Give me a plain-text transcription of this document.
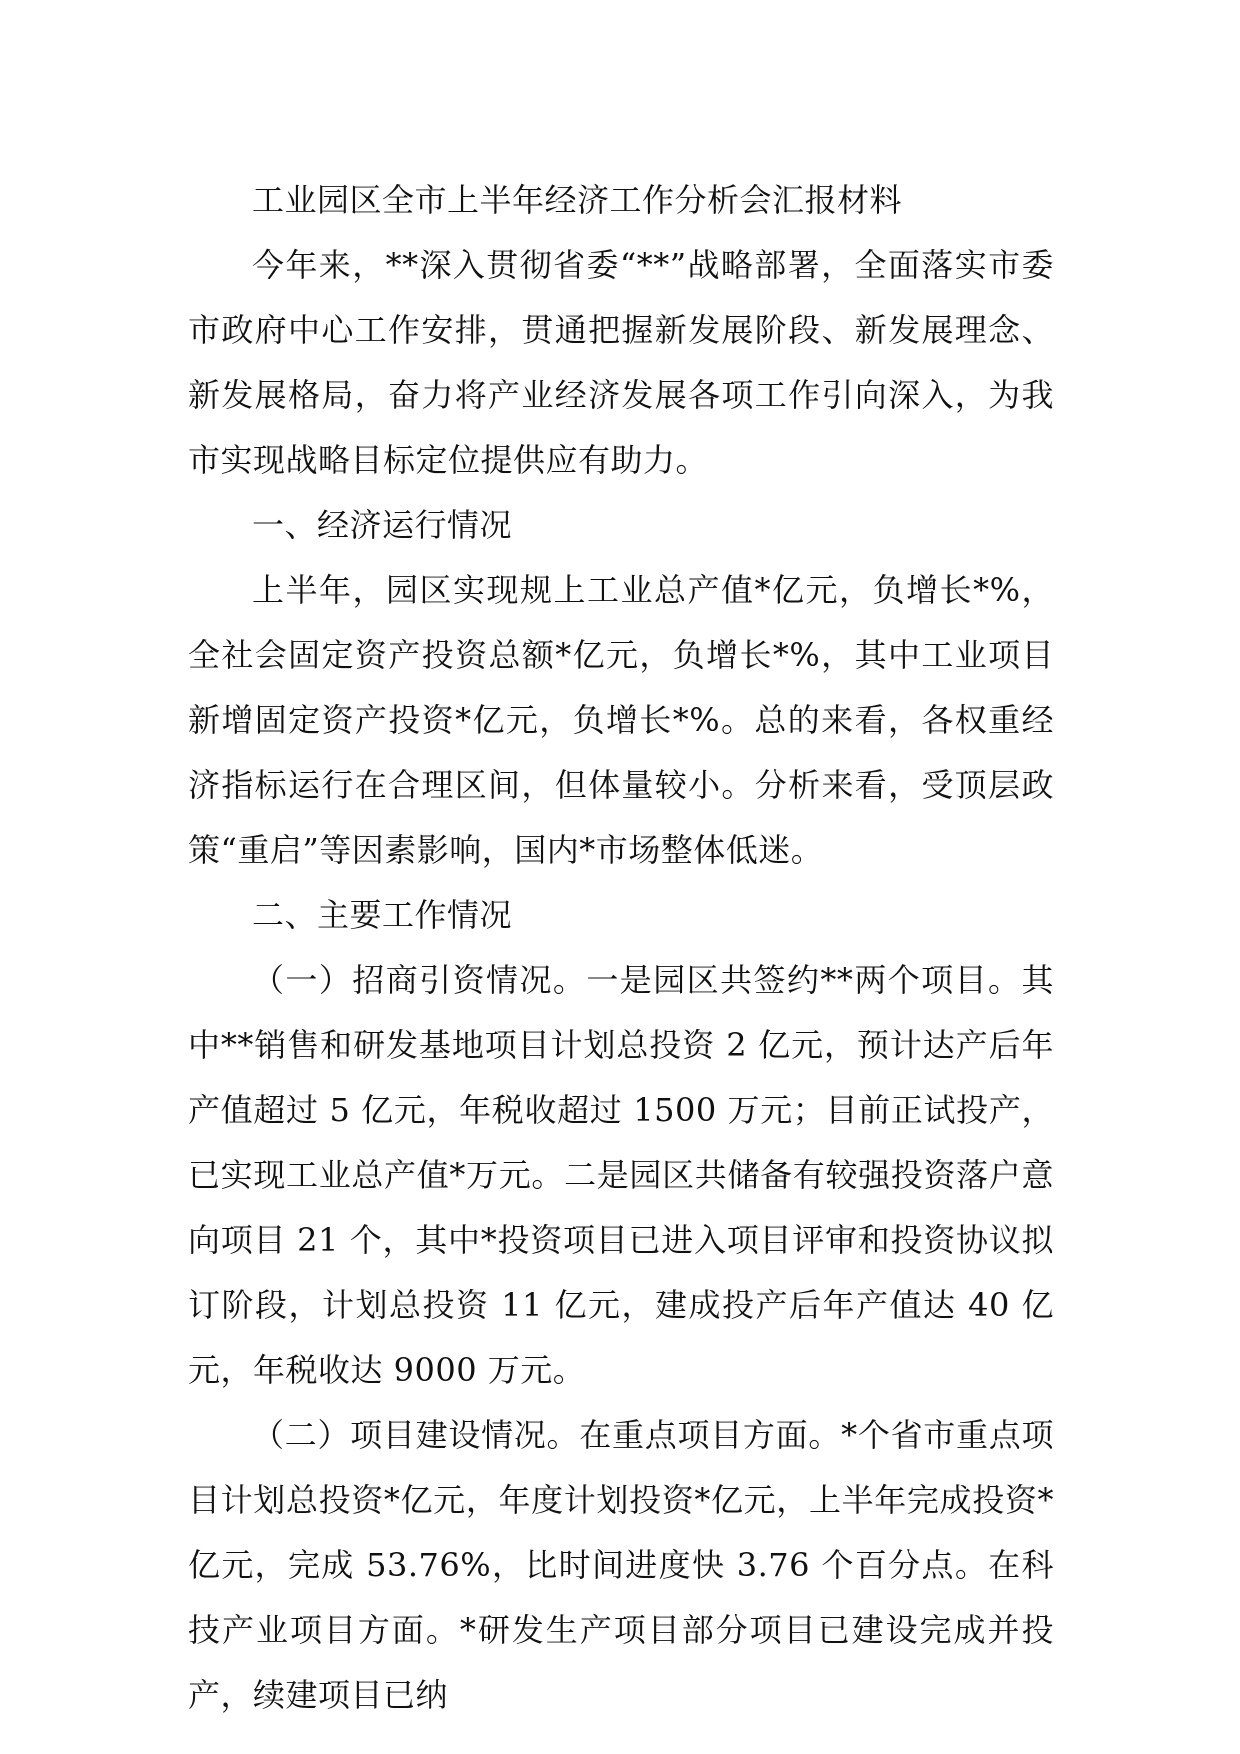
工业园区全市上半年经济工作分析会汇报材料

今年来，**深入贯彻省委“**”战略部署，全面落实市委市政府中心工作安排，贯通把握新发展阶段、新发展理念、新发展格局，奋力将产业经济发展各项工作引向深入，为我市实现战略目标定位提供应有助力。

一、经济运行情况

上半年，园区实现规上工业总产值*亿元，负增长*%，全社会固定资产投资总额*亿元，负增长*%，其中工业项目新增固定资产投资*亿元，负增长*%。总的来看，各权重经济指标运行在合理区间，但体量较小。分析来看，受顶层政策“重启”等因素影响，国内*市场整体低迷。

二、主要工作情况

（一）招商引资情况。一是园区共签约**两个项目。其中**销售和研发基地项目计划总投资 2 亿元，预计达产后年产值超过 5 亿元，年税收超过 1500 万元；目前正试投产，已实现工业总产值*万元。二是园区共储备有较强投资落户意向项目 21 个，其中*投资项目已进入项目评审和投资协议拟订阶段，计划总投资 11 亿元，建成投产后年产值达 40 亿元，年税收达 9000 万元。

（二）项目建设情况。在重点项目方面。*个省市重点项目计划总投资*亿元，年度计划投资*亿元，上半年完成投资*亿元，完成 53.76%，比时间进度快 3.76 个百分点。在科技产业项目方面。*研发生产项目部分项目已建设完成并投产，续建项目已纳
